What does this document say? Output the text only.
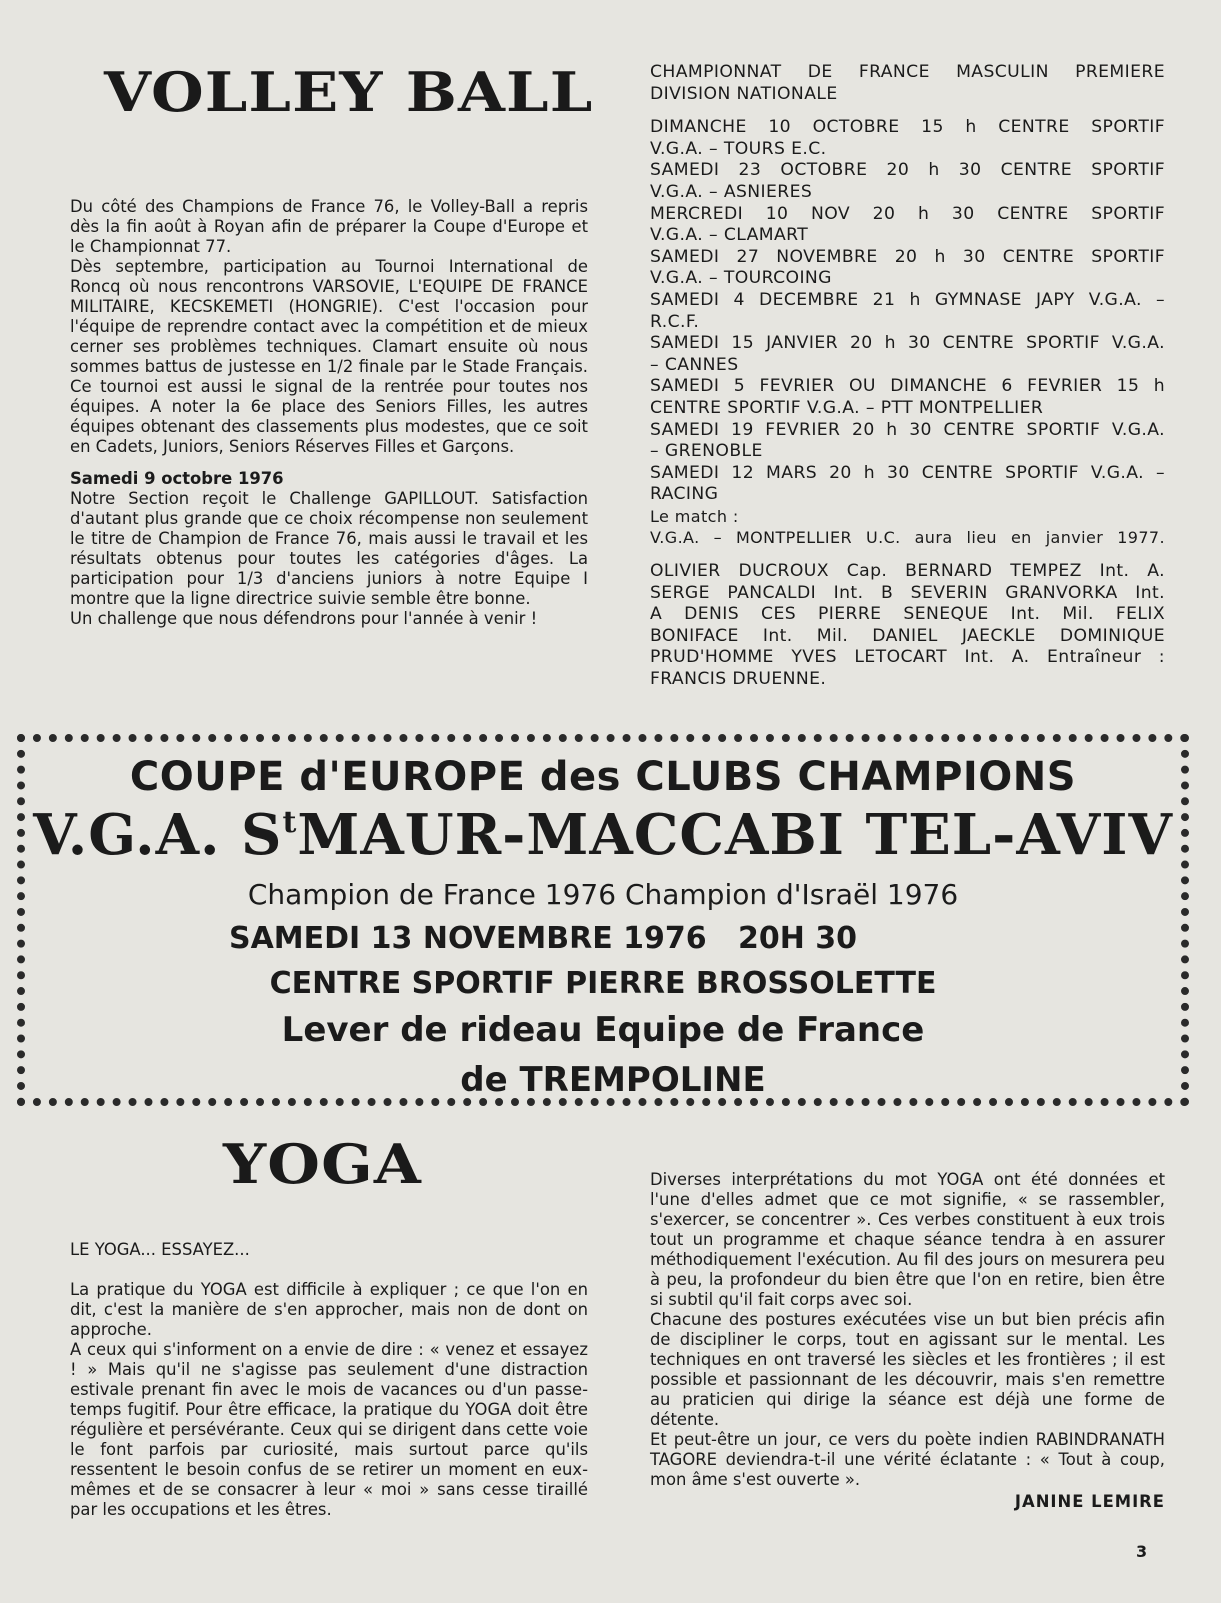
VOLLEY BALL

Du côté des Champions de France 76, le Volley-Ball a repris dès la fin août à Royan afin de préparer la Coupe d'Europe et le Championnat 77.

Dès septembre, participation au Tournoi International de Roncq où nous rencontrons VARSOVIE, L'EQUIPE DE FRANCE MILITAIRE, KECSKEMETI (HONGRIE). C'est l'occasion pour l'équipe de reprendre contact avec la compétition et de mieux cerner ses problèmes techniques. Clamart ensuite où nous sommes battus de justesse en 1/2 finale par le Stade Français. Ce tournoi est aussi le signal de la rentrée pour toutes nos équipes. A noter la 6e place des Seniors Filles, les autres équipes obtenant des classements plus modestes, que ce soit en Cadets, Juniors, Seniors Réserves Filles et Garçons.

Samedi 9 octobre 1976

Notre Section reçoit le Challenge GAPILLOUT. Satisfaction d'autant plus grande que ce choix récompense non seulement le titre de Champion de France 76, mais aussi le travail et les résultats obtenus pour toutes les catégories d'âges. La participation pour 1/3 d'anciens juniors à notre Equipe I montre que la ligne directrice suivie semble être bonne.

Un challenge que nous défendrons pour l'année à venir !

CHAMPIONNAT DE FRANCE MASCULIN PREMIERE
DIVISION NATIONALE
DIMANCHE 10 OCTOBRE 15 h CENTRE SPORTIF
V.G.A. – TOURS E.C.
SAMEDI 23 OCTOBRE 20 h 30 CENTRE SPORTIF
V.G.A. – ASNIERES
MERCREDI 10 NOV 20 h 30 CENTRE SPORTIF
V.G.A. – CLAMART
SAMEDI 27 NOVEMBRE 20 h 30 CENTRE SPORTIF
V.G.A. – TOURCOING
SAMEDI 4 DECEMBRE 21 h GYMNASE JAPY V.G.A. –
R.C.F.
SAMEDI 15 JANVIER 20 h 30 CENTRE SPORTIF V.G.A.
– CANNES
SAMEDI 5 FEVRIER OU DIMANCHE 6 FEVRIER 15 h
CENTRE SPORTIF V.G.A. – PTT MONTPELLIER
SAMEDI 19 FEVRIER 20 h 30 CENTRE SPORTIF V.G.A.
– GRENOBLE
SAMEDI 12 MARS 20 h 30 CENTRE SPORTIF V.G.A. –
RACING
Le match :
V.G.A. – MONTPELLIER U.C. aura lieu en janvier 1977.
OLIVIER DUCROUX Cap. BERNARD TEMPEZ Int. A.
SERGE PANCALDI Int. B SEVERIN GRANVORKA Int.
A DENIS CES PIERRE SENEQUE Int. Mil. FELIX
BONIFACE Int. Mil. DANIEL JAECKLE DOMINIQUE
PRUD'HOMME YVES LETOCART Int. A. Entraîneur :
FRANCIS DRUENNE.
COUPE d'EUROPE des CLUBS CHAMPIONS
V.G.A. $S^tMAUR$-MACCABI TEL-AVIV
Champion de France 1976 Champion d'Israël 1976
SAMEDI 13 NOVEMBRE 1976   20H 30
CENTRE SPORTIF PIERRE BROSSOLETTE
Lever de rideau Equipe de France
de TREMPOLINE
YOGA

LE YOGA... ESSAYEZ...

La pratique du YOGA est difficile à expliquer ; ce que l'on en dit, c'est la manière de s'en approcher, mais non de dont on approche.

A ceux qui s'informent on a envie de dire : « venez et essayez ! » Mais qu'il ne s'agisse pas seulement d'une distraction estivale prenant fin avec le mois de vacances ou d'un passe-temps fugitif. Pour être efficace, la pratique du YOGA doit être régulière et persévérante. Ceux qui se dirigent dans cette voie le font parfois par curiosité, mais surtout parce qu'ils ressentent le besoin confus de se retirer un moment en eux-mêmes et de se consacrer à leur « moi » sans cesse tiraillé par les occupations et les êtres.

Diverses interprétations du mot YOGA ont été données et l'une d'elles admet que ce mot signifie, « se rassembler, s'exercer, se concentrer ». Ces verbes constituent à eux trois tout un programme et chaque séance tendra à en assurer méthodiquement l'exécution. Au fil des jours on mesurera peu à peu, la profondeur du bien être que l'on en retire, bien être si subtil qu'il fait corps avec soi.

Chacune des postures exécutées vise un but bien précis afin de discipliner le corps, tout en agissant sur le mental. Les techniques en ont traversé les siècles et les frontières ; il est possible et passionnant de les découvrir, mais s'en remettre au praticien qui dirige la séance est déjà une forme de détente.

Et peut-être un jour, ce vers du poète indien RABINDRANATH TAGORE deviendra-t-il une vérité éclatante : « Tout à coup, mon âme s'est ouverte ».

JANINE LEMIRE

3
